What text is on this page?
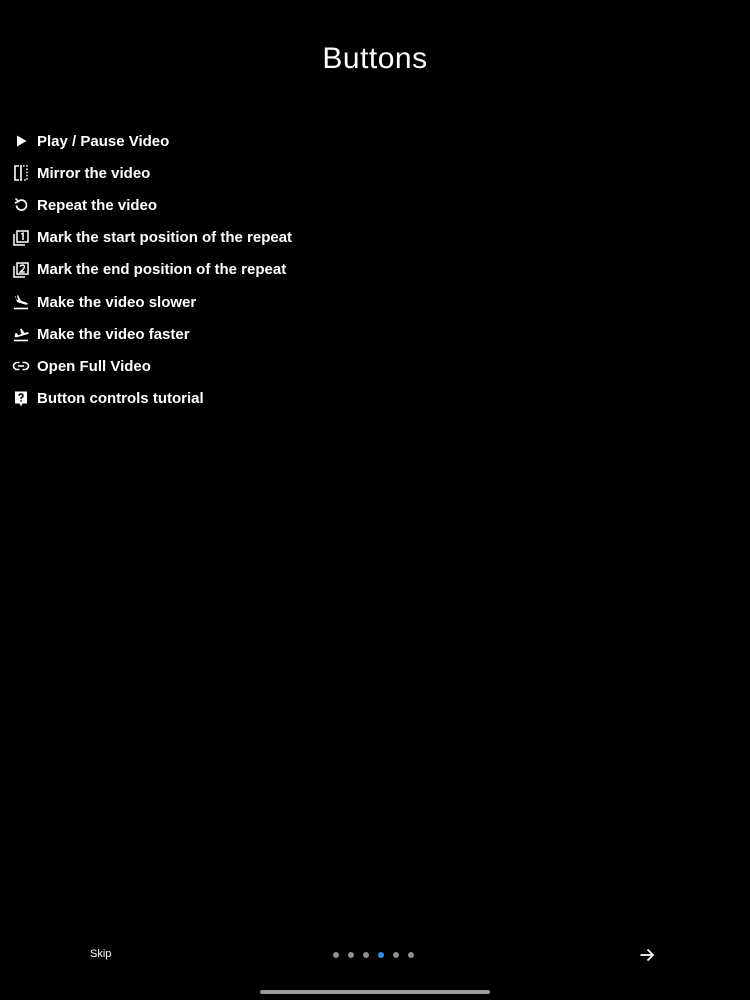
Buttons
Play / Pause Video
Mirror the video
Repeat the video
Mark the start position of the repeat
Mark the end position of the repeat
Make the video slower
Make the video faster
Open Full Video
Button controls tutorial
Skip
